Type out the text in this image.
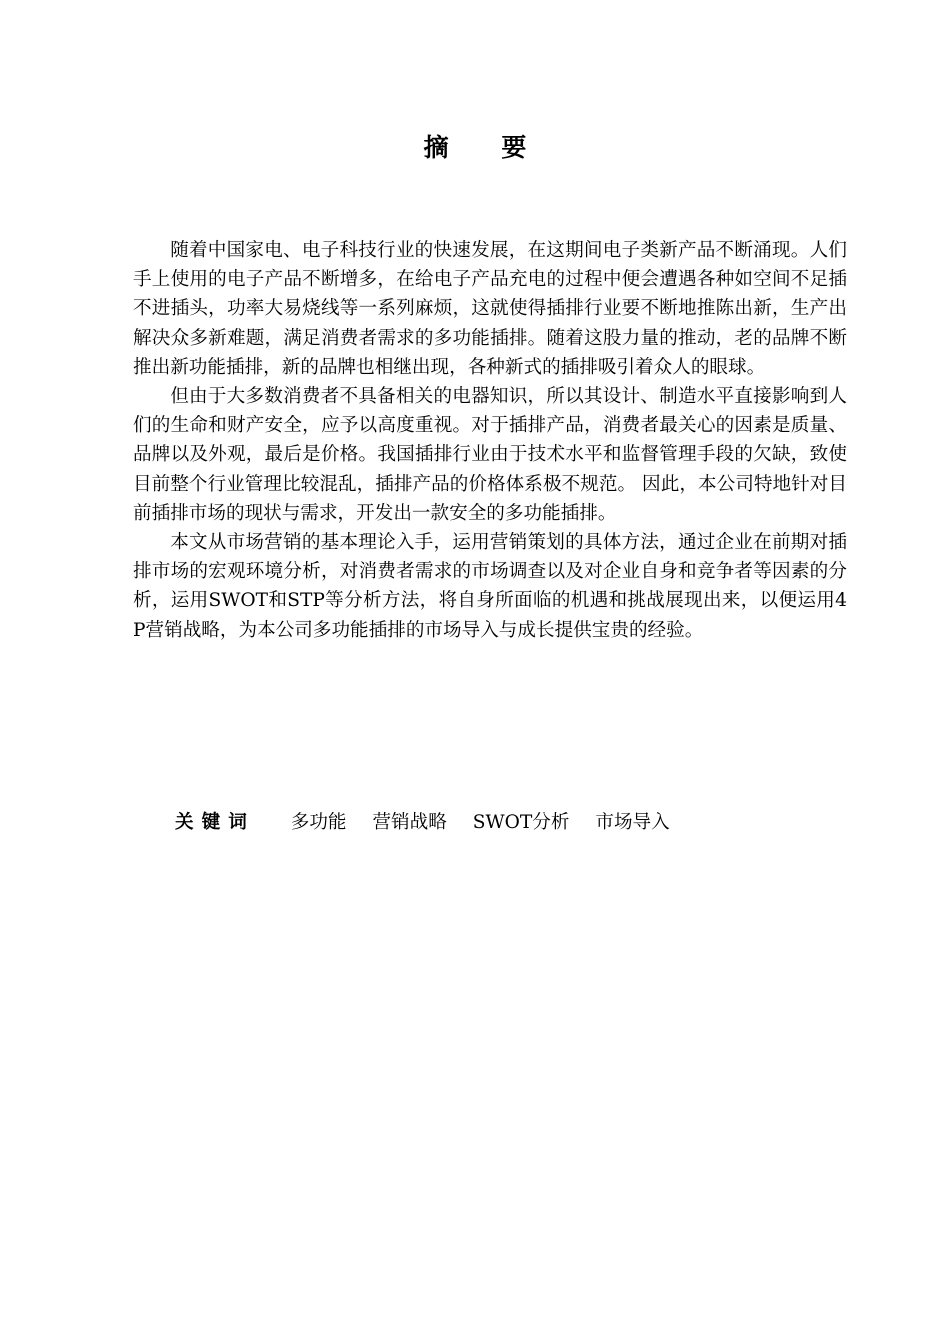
摘 要

随着中国家电、电子科技行业的快速发展，在这期间电子类新产品不断涌现。人们手上使用的电子产品不断增多，在给电子产品充电的过程中便会遭遇各种如空间不足插不进插头，功率大易烧线等一系列麻烦，这就使得插排行业要不断地推陈出新，生产出解决众多新难题，满足消费者需求的多功能插排。随着这股力量的推动，老的品牌不断推出新功能插排，新的品牌也相继出现，各种新式的插排吸引着众人的眼球。

但由于大多数消费者不具备相关的电器知识，所以其设计、制造水平直接影响到人们的生命和财产安全，应予以高度重视。对于插排产品，消费者最关心的因素是质量、品牌以及外观，最后是价格。我国插排行业由于技术水平和监督管理手段的欠缺，致使目前整个行业管理比较混乱，插排产品的价格体系极不规范。 因此，本公司特地针对目前插排市场的现状与需求，开发出一款安全的多功能插排。

本文从市场营销的基本理论入手，运用营销策划的具体方法，通过企业在前期对插排市场的宏观环境分析，对消费者需求的市场调查以及对企业自身和竞争者等因素的分析，运用SWOT和STP等分析方法，将自身所面临的机遇和挑战展现出来，以便运用4P营销战略，为本公司多功能插排的市场导入与成长提供宝贵的经验。

关键词 多功能 营销战略 SWOT分析 市场导入
